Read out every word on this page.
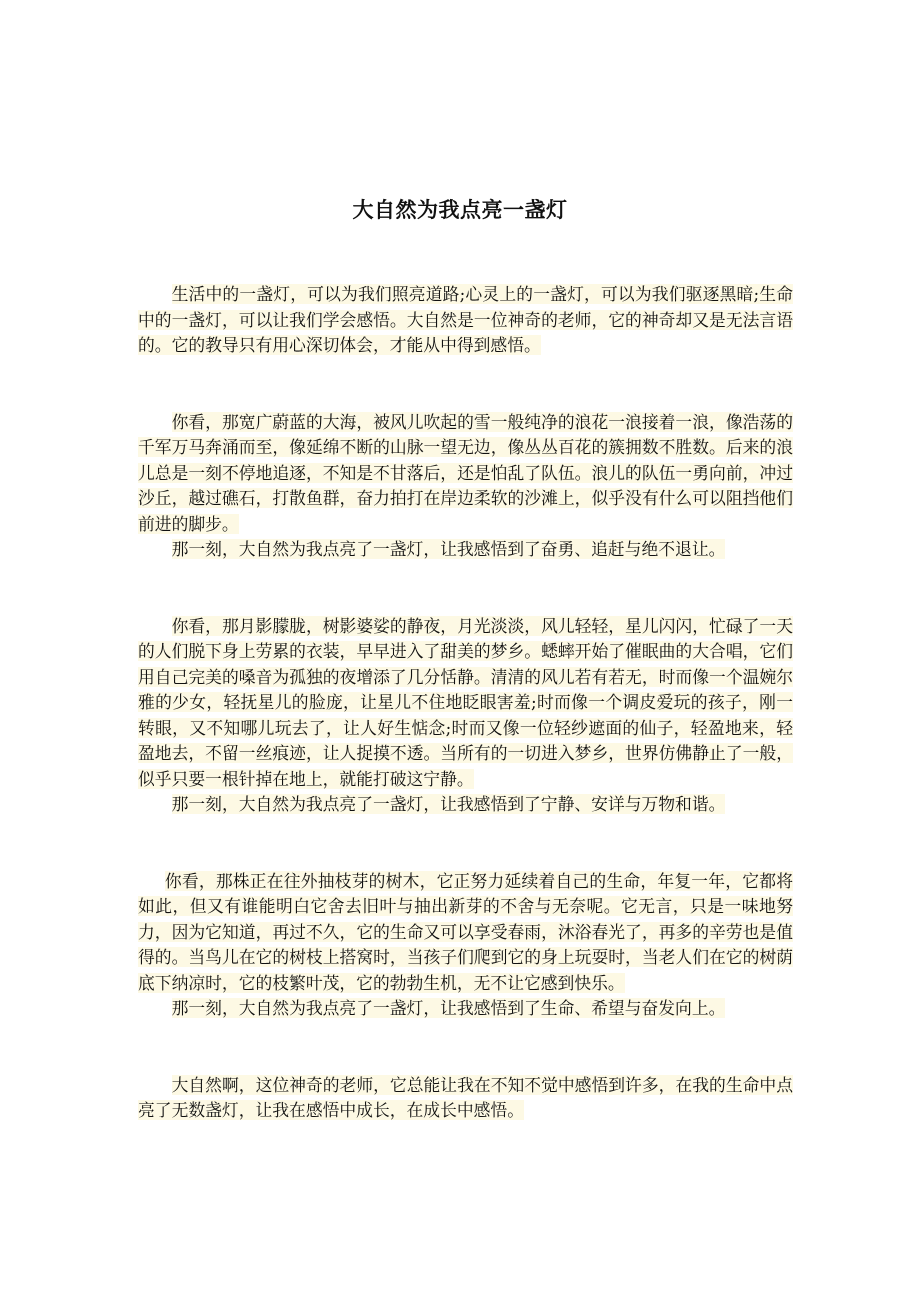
大自然为我点亮一盏灯

生活中的一盏灯，可以为我们照亮道路;心灵上的一盏灯，可以为我们驱逐黑暗;生命中的一盏灯，可以让我们学会感悟。大自然是一位神奇的老师，它的神奇却又是无法言语的。它的教导只有用心深切体会，才能从中得到感悟。

你看，那宽广蔚蓝的大海，被风儿吹起的雪一般纯净的浪花一浪接着一浪，像浩荡的千军万马奔涌而至，像延绵不断的山脉一望无边，像丛丛百花的簇拥数不胜数。后来的浪儿总是一刻不停地追逐，不知是不甘落后，还是怕乱了队伍。浪儿的队伍一勇向前，冲过沙丘，越过礁石，打散鱼群，奋力拍打在岸边柔软的沙滩上，似乎没有什么可以阻挡他们前进的脚步。

那一刻，大自然为我点亮了一盏灯，让我感悟到了奋勇、追赶与绝不退让。

你看，那月影朦胧，树影婆娑的静夜，月光淡淡，风儿轻轻，星儿闪闪，忙碌了一天的人们脱下身上劳累的衣装，早早进入了甜美的梦乡。蟋蟀开始了催眠曲的大合唱，它们用自己完美的嗓音为孤独的夜增添了几分恬静。清清的风儿若有若无，时而像一个温婉尔雅的少女，轻抚星儿的脸庞，让星儿不住地眨眼害羞;时而像一个调皮爱玩的孩子，刚一转眼，又不知哪儿玩去了，让人好生惦念;时而又像一位轻纱遮面的仙子，轻盈地来，轻盈地去，不留一丝痕迹，让人捉摸不透。当所有的一切进入梦乡，世界仿佛静止了一般，似乎只要一根针掉在地上，就能打破这宁静。

那一刻，大自然为我点亮了一盏灯，让我感悟到了宁静、安详与万物和谐。

你看，那株正在往外抽枝芽的树木，它正努力延续着自己的生命，年复一年，它都将如此，但又有谁能明白它舍去旧叶与抽出新芽的不舍与无奈呢。它无言，只是一味地努力，因为它知道，再过不久，它的生命又可以享受春雨，沐浴春光了，再多的辛劳也是值得的。当鸟儿在它的树枝上搭窝时，当孩子们爬到它的身上玩耍时，当老人们在它的树荫底下纳凉时，它的枝繁叶茂，它的勃勃生机，无不让它感到快乐。

那一刻，大自然为我点亮了一盏灯，让我感悟到了生命、希望与奋发向上。

大自然啊，这位神奇的老师，它总能让我在不知不觉中感悟到许多，在我的生命中点亮了无数盏灯，让我在感悟中成长，在成长中感悟。
